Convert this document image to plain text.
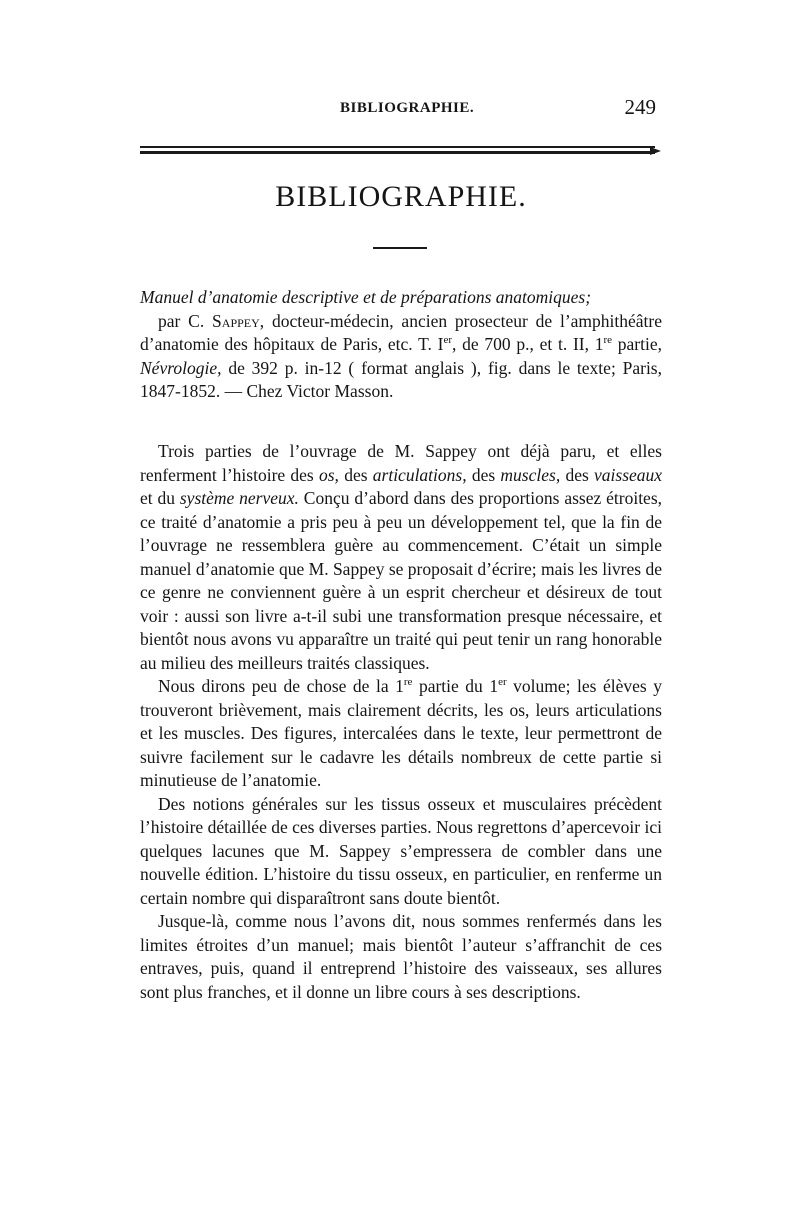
BIBLIOGRAPHIE.	249
BIBLIOGRAPHIE.

Manuel d’anatomie descriptive et de préparations anatomiques;
par C. Sappey, docteur-médecin, ancien prosecteur de l’amphithéâtre d’anatomie des hôpitaux de Paris, etc. T. Ier, de 700 p., et t. II, 1re partie, Névrologie, de 392 p. in-12 ( format anglais ), fig. dans le texte; Paris, 1847-1852. — Chez Victor Masson.

Trois parties de l’ouvrage de M. Sappey ont déjà paru, et elles renferment l’histoire des os, des articulations, des muscles, des vaisseaux et du système nerveux. Conçu d’abord dans des proportions assez étroites, ce traité d’anatomie a pris peu à peu un développement tel, que la fin de l’ouvrage ne ressemblera guère au commencement. C’était un simple manuel d’anatomie que M. Sappey se proposait d’écrire; mais les livres de ce genre ne conviennent guère à un esprit chercheur et désireux de tout voir : aussi son livre a-t-il subi une transformation presque nécessaire, et bientôt nous avons vu apparaître un traité qui peut tenir un rang honorable au milieu des meilleurs traités classiques.

Nous dirons peu de chose de la 1re partie du 1er volume; les élèves y trouveront brièvement, mais clairement décrits, les os, leurs articulations et les muscles. Des figures, intercalées dans le texte, leur permettront de suivre facilement sur le cadavre les détails nombreux de cette partie si minutieuse de l’anatomie.

Des notions générales sur les tissus osseux et musculaires précèdent l’histoire détaillée de ces diverses parties. Nous regrettons d’apercevoir ici quelques lacunes que M. Sappey s’empressera de combler dans une nouvelle édition. L’histoire du tissu osseux, en particulier, en renferme un certain nombre qui disparaîtront sans doute bientôt.

Jusque-là, comme nous l’avons dit, nous sommes renfermés dans les limites étroites d’un manuel; mais bientôt l’auteur s’affranchit de ces entraves, puis, quand il entreprend l’histoire des vaisseaux, ses allures sont plus franches, et il donne un libre cours à ses descriptions.
